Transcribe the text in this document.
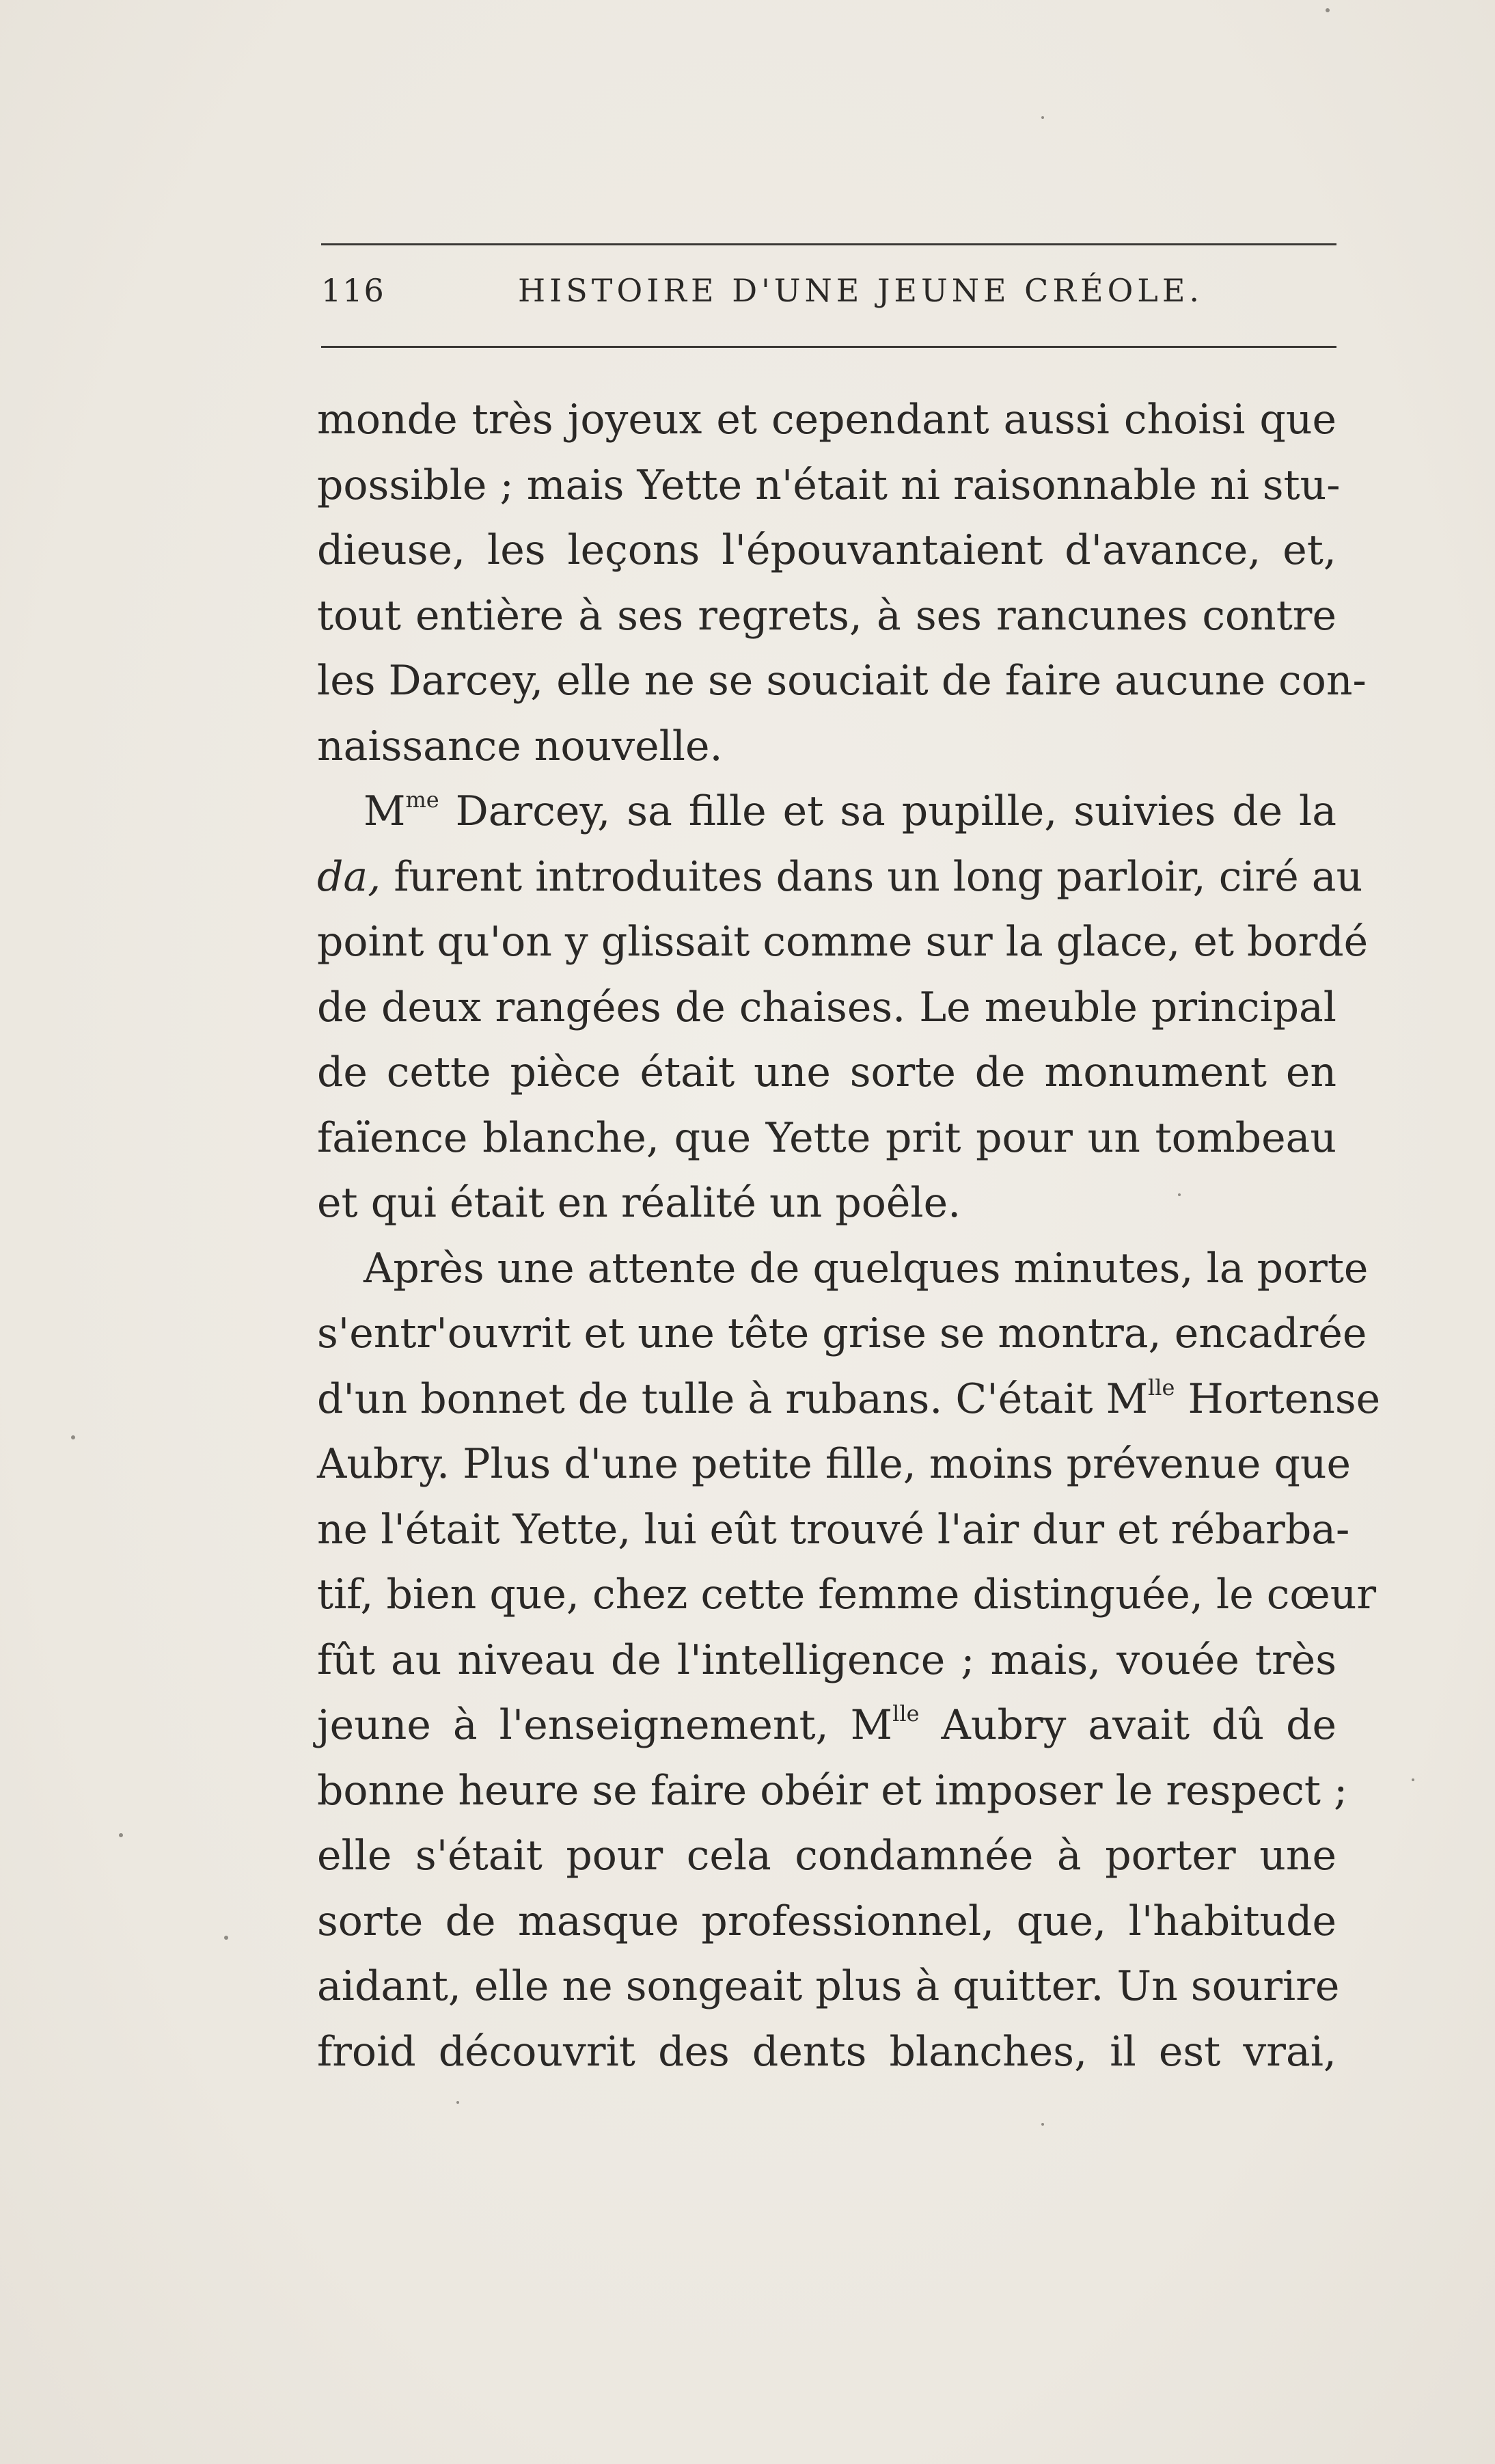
116	HISTOIRE D'UNE JEUNE CRÉOLE.
monde très joyeux et cependant aussi choisi que
possible ; mais Yette n'était ni raisonnable ni stu-
dieuse, les leçons l'épouvantaient d'avance, et,
tout entière à ses regrets, à ses rancunes contre
les Darcey, elle ne se souciait de faire aucune con-
naissance nouvelle.
$M^{me}$ Darcey, sa fille et sa pupille, suivies de la
da, furent introduites dans un long parloir, ciré au
point qu'on y glissait comme sur la glace, et bordé
de deux rangées de chaises. Le meuble principal
de cette pièce était une sorte de monument en
faïence blanche, que Yette prit pour un tombeau
et qui était en réalité un poêle.
Après une attente de quelques minutes, la porte
s'entr'ouvrit et une tête grise se montra, encadrée
d'un bonnet de tulle à rubans. C'était $M^{lle}$ Hortense
Aubry. Plus d'une petite fille, moins prévenue que
ne l'était Yette, lui eût trouvé l'air dur et rébarba-
tif, bien que, chez cette femme distinguée, le cœur
fût au niveau de l'intelligence ; mais, vouée très
jeune à l'enseignement, $M^{lle}$ Aubry avait dû de
bonne heure se faire obéir et imposer le respect ;
elle s'était pour cela condamnée à porter une
sorte de masque professionnel, que, l'habitude
aidant, elle ne songeait plus à quitter. Un sourire
froid découvrit des dents blanches, il est vrai,
